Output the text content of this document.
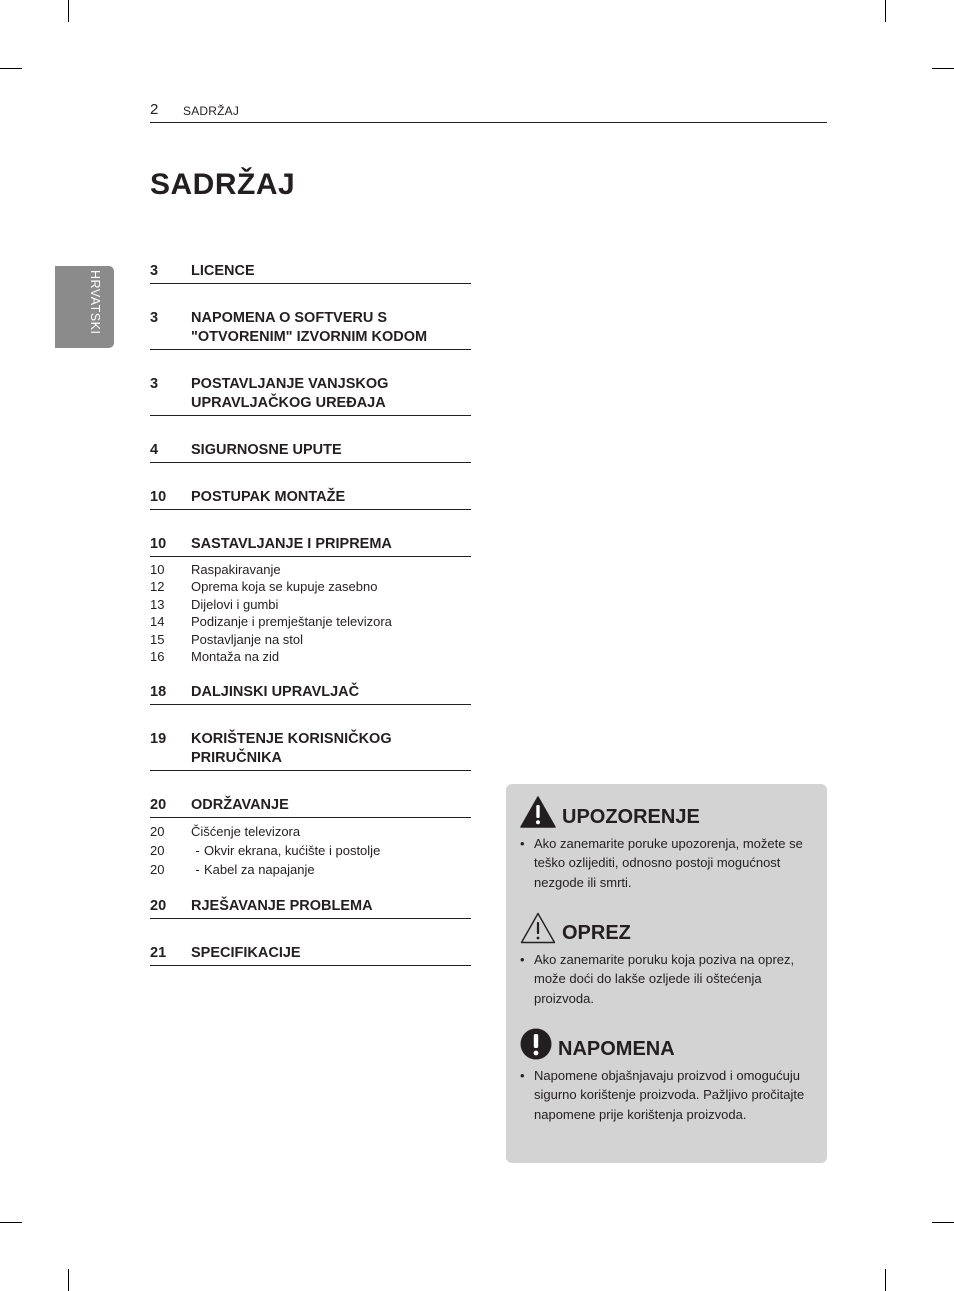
2 SADRŽAJ
SADRŽAJ
HRVATSKI	3	LICENCE
3	NAPOMENA O SOFTVERU S "OTVORENIM" IZVORNIM KODOM
3	POSTAVLJANJE VANJSKOG UPRAVLJAČKOG UREĐAJA
4	SIGURNOSNE UPUTE
10	POSTUPAK MONTAŽE
10	SASTAVLJANJE I PRIPREMA
10	Raspakiravanje
12	Oprema koja se kupuje zasebno
13	Dijelovi i gumbi
14	Podizanje i premještanje televizora
15	Postavljanje na stol
16	Montaža na zid
18	DALJINSKI UPRAVLJAČ
19	KORIŠTENJE KORISNIČKOG PRIRUČNIKA
20	ODRŽAVANJE
20	Čišćenje televizora
20	- Okvir ekrana, kućište i postolje
20	- Kabel za napajanje
20	RJEŠAVANJE PROBLEMA
21	SPECIFIKACIJE
UPOZORENJE
• Ako zanemarite poruke upozorenja, možete se teško ozlijediti, odnosno postoji mogućnost nezgode ili smrti.
OPREZ
• Ako zanemarite poruku koja poziva na oprez, može doći do lakše ozljede ili oštećenja proizvoda.
NAPOMENA
• Napomene objašnjavaju proizvod i omogućuju sigurno korištenje proizvoda. Pažljivo pročitajte napomene prije korištenja proizvoda.
